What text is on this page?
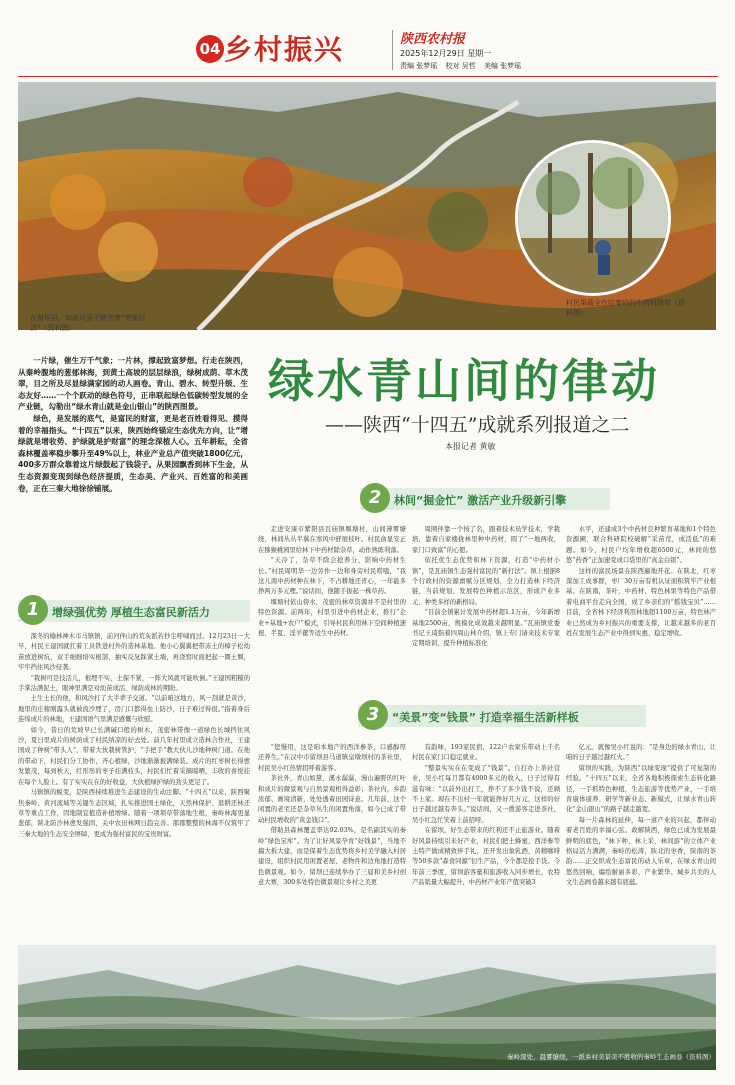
04 乡村振兴	陕西农村报
2025年12月29日 星期一
责编 张梦瑶 校对 吴哲 美编 张梦瑶
在留坝县，如画风景不断孕育“美丽经济”（资料图）
村民果蔬全在给秦岭的中药材除草（资料图）

一片绿，催生万千气象；一片林，撑起致富梦想。行走在陕西，从秦岭腹地的葱郁林海，到黄土高坡的层层绿浪，绿树成荫、草木茂翠，目之所及尽显绿满家园的动人画卷。青山、碧水、转型升级、生态友好……一个个跃动的绿色符号，正串联起绿色低碳转型发展的全产业链，勾勒出“绿水青山就是金山银山”的陕西图景。

绿色，是发展的底气，是富民的财富，更是老百姓看得见、摸得着的幸福指头。“十四五”以来，陕西始终锚定生态优先方向，让“增绿就是增收势、护绿就是护财富”的理念深植人心。五年耕耘，全省森林覆盖率稳步攀升至49%以上，林业产业总产值突破1800亿元，400多万群众靠着这片绿鼓起了钱袋子。从果园飘香到林下生金，从生态资源变现到绿色经济提质，生态美、产业兴、百姓富的和美画卷，正在三秦大地徐徐铺展。

绿水青山间的律动
——陕西“十四五”成就系列报道之二
本报记者 黄敏
2	林间“掘金忙” 激活产业升级新引擎

走进安康市紫阳县瓦庙镇堰塘村，山间薄雾缭绕，林间丛丛半翼在寒风中舒展枝叶。村民俞显安正在猕猴桃园里给林下中药材除杂草，动作熟练利落。

“天冷了，杂草不除会抢养分，影响中药材生长。”村民周明华一边劳作一边和身旁村民唠嗑，“我这儿南中药材种在林下，不占耕地还省心，一年能多挣两万多元哩。”说话间，他随手拔起一株草药。

堰塘村依山傍水，茂密的林草资源并不是村里的特色资源。前两年，村里引进中药材企业，推行“企业+基地+农户”模式，引导村民利用林下空间种植速根、半夏、淫羊藿等适生中药材。

周围伴靠一个按了名，跟着技术员学技术，学栽培，靠着自家楼拢林里种中药材，圆了“一地两收，家门口致富”的心愿。

依托优生态优势和林下资源，打造“中药材小镇”，是瓦庙镇生态强村富民的“新打法”。镇上根据8个行政村的资源禀赋分区规划，全力打造林下经济链，当前规划、发展特色种植示范区，形成产业多元、种类多样的新格局。

“目前全镇累计发展中药材超1.1万亩，今年新增基地2500亩，规模化成效越来越明显。”瓦庙镇党委书记王琦指着四周山林介绍，镇上专门请来技术专家定期培训，提升种植标准化

水平，还建成3个中药材良种繁育基地和1个特色资源圃，联合科研院校破解“采苗荒，成活低”的难题。如今，村民户均年增收超6500元，林间的悠悠“药香”正加速变成口袋里的“真金白银”。

这样的富民场景在陕西遍地开花。在陕北，红枣深加工成事群，枣厂30万亩有机认证面积筑牢产业根基；在陕南，茶叶、中药材、特色林果等特色产品借着电商平台走向全国，成了乡亲们的“摇钱宝贝”……目前，全省林下经济利用林地超1100万亩，特色林产业已然成为乡村振兴的重要支撑，让越来越多的老百姓在发展生态产业中得到实惠、稳定增收。

1	增绿强优势 厚植生态富民新活力

深冬的榆林神木市马镇镇，前河伴山的荒灰派若抄尘呼啸而过。12月23日一大早，村民王建国就扛着工具铁进村外的造林基地。他小心翼翼把带冻土的樟子松幼苗放进树坑，双手细细培实根部，抽实反复踩紧土墙，再浇窖时面把起一圈土堰，牢牢挡住风沙侵袭。

“栽树可是技活儿，根埋不实，土保不紧，一阵大风就可能吹倒。”王建国粗糙的手掌沾满泥土，眼神里满是对幼苗成活、绿荫成林的期盼。

土生土长的他，和风沙打了大半辈子交道。“以前咱这地方，风一刮就是黄沙，地里的庄稼刚露头就被流沙埋了，房门口都得垒上防沙，日子难过得很。”指着身后连绵成片的林地，王建国语气里满是感慨与欣慰。

如今，昔日的荒坡早已长满碱口般的树木，茂密林带像一道绿色长城挡住风沙，夏日里成片的树荫成了村民纳凉的好去处。前几年村里成立造林合作社，王建国成了种树“带头人”，带着大伙栽树管护，“手把手”教大伙儿沙地种树门道。在他的带动下，村民们分工协作，齐心植绿，沙地渐渐披满绿装。成片的红枣树长得愈发繁茂，每到秋天，红彤彤的枣子挂满枝头，村民们忙着采摘晾晒，丰收的喜悦挂在每个人脸上。有了实实在在的好收益，大伙植绿护绿的劲头更足了。

马镇镇的蜕变，是陕西持续推进生态建设的生动注脚。“十四五”以来，陕西聚焦秦岭、黄河流域等关键生态区域，扎实推进国土绿化，天然林保护、退耕还林还草等重点工作，因地制宜植造补植增绿。随着一项项草带落地生根，秦岭林海更显葱郁，陕北防沙林愈发强固，关中农田林网日趋完善。邵郡整整的林海不仅筑牢了三秦大地的生态安全屏障，更成为强村富民的宝贵财富。

3	“美景”变“钱景” 打造幸福生活新样板

“您慢用，这是咱本地产的西洋参茶，口感醇厚还养生。”在汉中市留坝县马道镇皇墩坝村的茶社里，村民吴小红热情招呼着游客。

茶社外，青山如黛、溪水潺潺，漫山遍野的红叶和成片的微景观与自然景观相得益彰；茶社内，乡韵浓郁、画境清新，处处透着田园诗意。几年前，这个闲置的老宅还是杂草丛生的闲置角落，如今已成了带动村民增收的“黄金钱口”。

借助县森林覆盖率达92.03%，是名副其实的秦岭“绿色宝库”。为了让好风景孕育“好钱景”，当地不搞大拆大建，而是保着生态优势将乡村美学融入村居建设，组织村民用闲置老屋、老物件和边角地打造特色微景观。如今，留坝已连续举办了三届和美乡村创意大赛，300多处特色微景观让乡村之美更

有韵味，193家民宿，122户农家乐带动上千名村民在家门口稳定就业。

“整景实实在在变成了“钱景”。自打办上茶社营业，吴小红每月都有4000多元的收入，日子过得有滋有味：“以前外出打工，挣不了多少钱不说，还顾不上家。现在不出村一年就能挣好几万元，这样的好日子越过越有奔头。”说话间，又一拨游客走进茶社，吴小红急忙笑着上前招呼。

在留坝，好生态带来的红利还不止旅游业。随着好风景持续引来好产业，村民们把土蜂蜜、西洋参等土特产做成精致伴手礼，还开发出象乳酒、黄精咖啡等50多款“森食同源”衍生产品，今个都是抢手货。今年前三季度，留坝游客量和旅游收入同步增长，农特产品销量大幅提升，中药材产业年产值突破3

亿元。就像吴小红说的：“是身边的绿水青山，让咱的日子越过越红火。”

留坝的实践，为陕西“以绿变现”提供了可复制的经验。“十四五”以来，全省各地积极探索生态转化路径，一手抓特色种植，生态旅游等优势产业，一手培育康体康养、研学等新业态、新模式，让绿水青山转化“金山银山”的路子越走越宽。

每一片森林的延伸，每一道产业的兴起，都伴动着老百姓的幸福心弦。政解陕西，绿色已成为发展最鲜明的底色，“林下种、林上采、林间游”的立体产业格局活力满满，秦岭的松涛，陕北的枣香，陕南的茶韵……正交织成生态富民的动人乐章，在绿水青山间悠然回响，编绘耐丽多彩、产业繁华、城乡共美的人文生态画卷越来越有底蕴。

秦岭深处，晨雾缭绕，一派乡村美景美不胜收的秦岭生态画卷（资料图）
